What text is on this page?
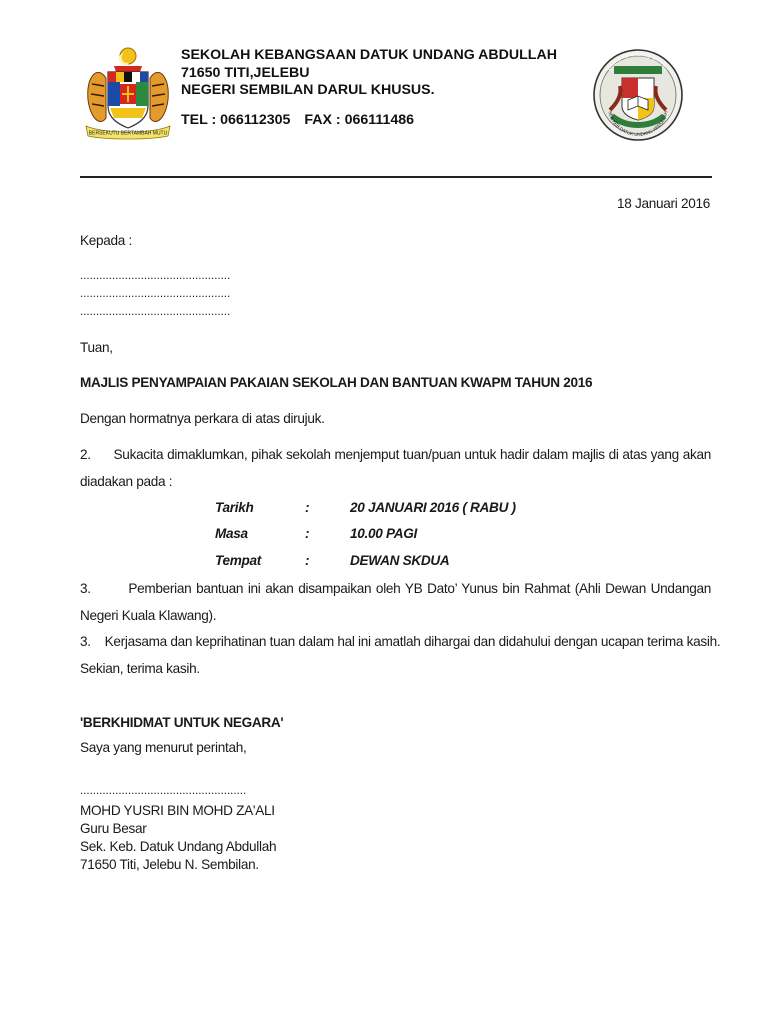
BERSEKUTU BERTAMBAH MUTU
SEKOLAH KEBANGSAAN DATUK UNDANG ABDULLAH
71650 TITI,JELEBU
NEGERI SEMBILAN DARUL KHUSUS.
TEL : 066112305 FAX : 066111486
MINDA TERBILANG JELEBU
SEK KEB DATUK UNDANG ABDULLAH
18 Januari 2016
Kepada :
...............................................
...............................................
...............................................
Tuan,
MAJLIS PENYAMPAIAN PAKAIAN SEKOLAH DAN BANTUAN KWAPM TAHUN 2016
Dengan hormatnya perkara di atas dirujuk.
2.      Sukacita dimaklumkan, pihak sekolah menjemput tuan/puan untuk hadir dalam majlis di atas yang akan diadakan pada :
Tarikh	:	20 JANUARI 2016 ( RABU )
Masa	:	10.00 PAGI
Tempat	:	DEWAN SKDUA
3.        Pemberian bantuan ini akan disampaikan oleh YB Dato’ Yunus bin Rahmat (Ahli Dewan Undangan Negeri Kuala Klawang).
3.    Kerjasama dan keprihatinan tuan dalam hal ini amatlah dihargai dan didahului dengan ucapan terima kasih.
Sekian, terima kasih.
'BERKHIDMAT UNTUK NEGARA'
Saya yang menurut perintah,
....................................................
MOHD YUSRI BIN MOHD ZA'ALI
Guru Besar
Sek. Keb. Datuk Undang Abdullah
71650 Titi, Jelebu N. Sembilan.
